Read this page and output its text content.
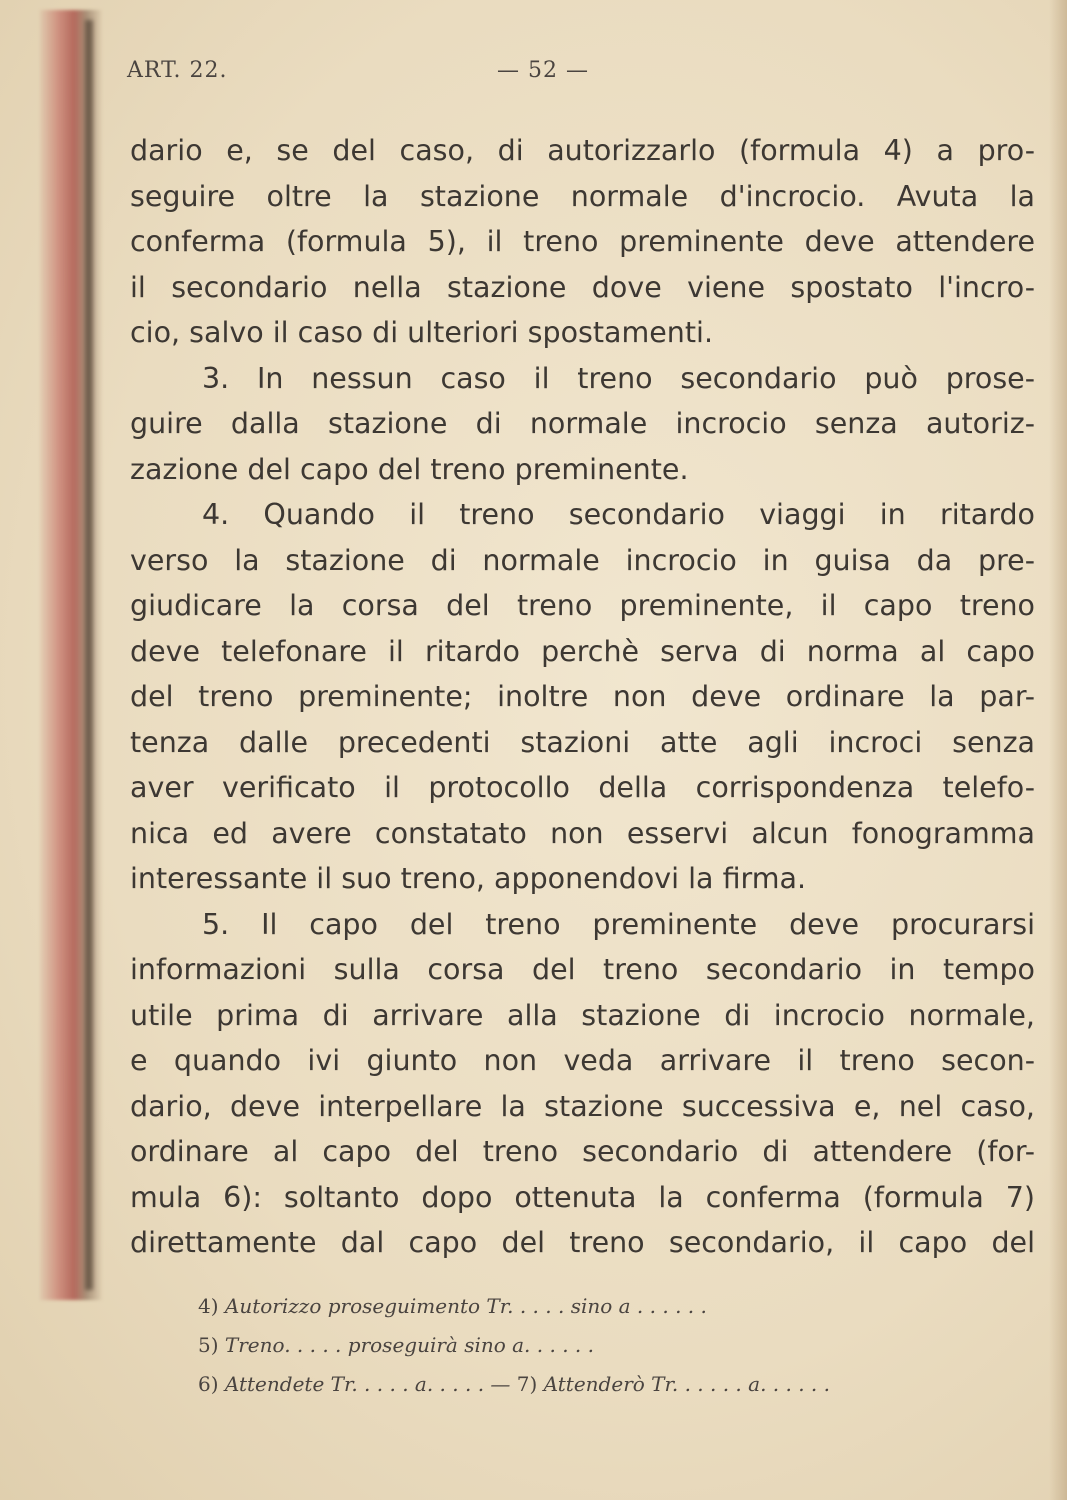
ART. 22.	— 52 —
dario e, se del caso, di autorizzarlo (formula 4) a pro-
seguire oltre la stazione normale d'incrocio. Avuta la
conferma (formula 5), il treno preminente deve attendere
il secondario nella stazione dove viene spostato l'incro-
cio, salvo il caso di ulteriori spostamenti.
3. In nessun caso il treno secondario può prose-
guire dalla stazione di normale incrocio senza autoriz-
zazione del capo del treno preminente.
4. Quando il treno secondario viaggi in ritardo
verso la stazione di normale incrocio in guisa da pre-
giudicare la corsa del treno preminente, il capo treno
deve telefonare il ritardo perchè serva di norma al capo
del treno preminente; inoltre non deve ordinare la par-
tenza dalle precedenti stazioni atte agli incroci senza
aver verificato il protocollo della corrispondenza telefo-
nica ed avere constatato non esservi alcun fonogramma
interessante il suo treno, apponendovi la firma.
5. Il capo del treno preminente deve procurarsi
informazioni sulla corsa del treno secondario in tempo
utile prima di arrivare alla stazione di incrocio normale,
e quando ivi giunto non veda arrivare il treno secon-
dario, deve interpellare la stazione successiva e, nel caso,
ordinare al capo del treno secondario di attendere (for-
mula 6): soltanto dopo ottenuta la conferma (formula 7)
direttamente dal capo del treno secondario, il capo del
4) Autorizzo proseguimento Tr. . . . . sino a . . . . . .
5) Treno. . . . . proseguirà sino a. . . . . .
6) Attendete Tr. . . . . a. . . . . — 7) Attenderò Tr. . . . . . a. . . . . .
